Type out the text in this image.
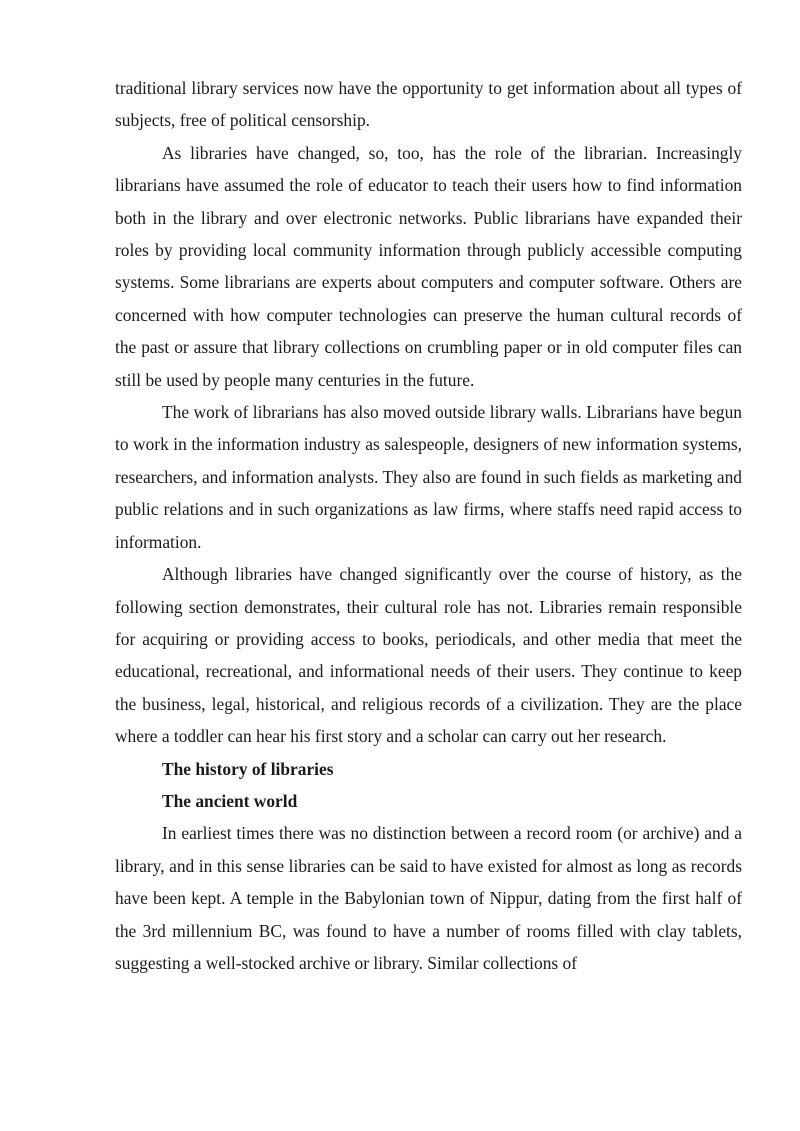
traditional library services now have the opportunity to get information about all types of subjects, free of political censorship.

As libraries have changed, so, too, has the role of the librarian. Increasingly librarians have assumed the role of educator to teach their users how to find information both in the library and over electronic networks. Public librarians have expanded their roles by providing local community information through publicly accessible computing systems. Some librarians are experts about computers and computer software. Others are concerned with how computer technologies can preserve the human cultural records of the past or assure that library collections on crumbling paper or in old computer files can still be used by people many centuries in the future.

The work of librarians has also moved outside library walls. Librarians have begun to work in the information industry as salespeople, designers of new information systems, researchers, and information analysts. They also are found in such fields as marketing and public relations and in such organizations as law firms, where staffs need rapid access to information.

Although libraries have changed significantly over the course of history, as the following section demonstrates, their cultural role has not. Libraries remain responsible for acquiring or providing access to books, periodicals, and other media that meet the educational, recreational, and informational needs of their users. They continue to keep the business, legal, historical, and religious records of a civilization. They are the place where a toddler can hear his first story and a scholar can carry out her research.

The history of libraries

The ancient world

In earliest times there was no distinction between a record room (or archive) and a library, and in this sense libraries can be said to have existed for almost as long as records have been kept. A temple in the Babylonian town of Nippur, dating from the first half of the 3rd millennium BC, was found to have a number of rooms filled with clay tablets, suggesting a well-stocked archive or library. Similar collections of
